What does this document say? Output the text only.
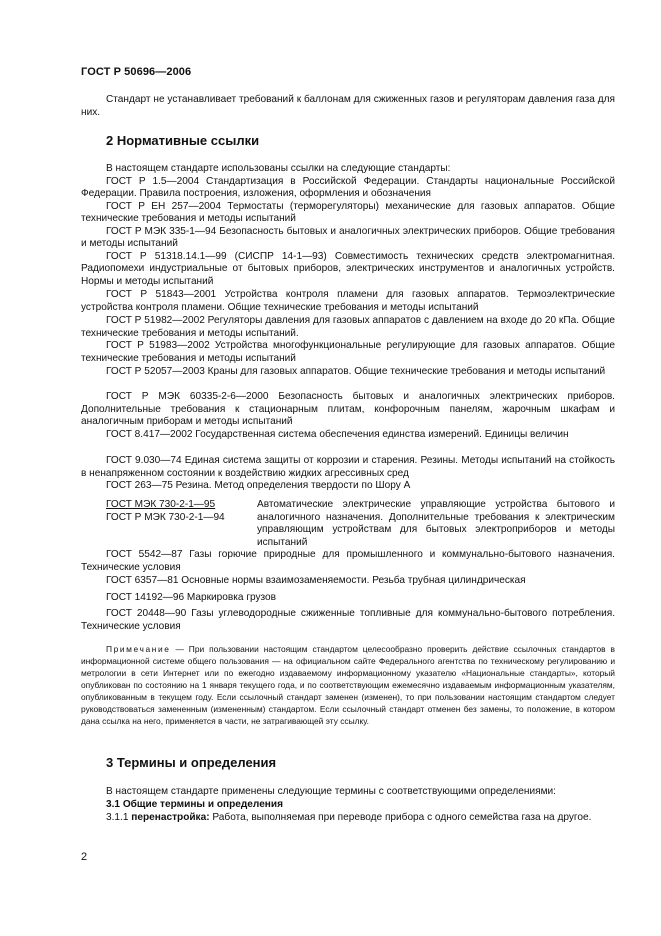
ГОСТ Р 50696—2006
Стандарт не устанавливает требований к баллонам для сжиженных газов и регуляторам давления газа для них.
2 Нормативные ссылки
В настоящем стандарте использованы ссылки на следующие стандарты:
ГОСТ Р 1.5—2004 Стандартизация в Российской Федерации. Стандарты национальные Российской Федерации. Правила построения, изложения, оформления и обозначения
ГОСТ Р ЕН 257—2004 Термостаты (терморегуляторы) механические для газовых аппаратов. Общие технические требования и методы испытаний
ГОСТ Р МЭК 335-1—94 Безопасность бытовых и аналогичных электрических приборов. Общие требования и методы испытаний
ГОСТ Р 51318.14.1—99 (СИСПР 14-1—93) Совместимость технических средств электромагнитная. Радиопомехи индустриальные от бытовых приборов, электрических инструментов и аналогичных устройств. Нормы и методы испытаний
ГОСТ Р 51843—2001 Устройства контроля пламени для газовых аппаратов. Термоэлектрические устройства контроля пламени. Общие технические требования и методы испытаний
ГОСТ Р 51982—2002 Регуляторы давления для газовых аппаратов с давлением на входе до 20 кПа. Общие технические требования и методы испытаний.
ГОСТ Р 51983—2002 Устройства многофункциональные регулирующие для газовых аппаратов. Общие технические требования и методы испытаний
ГОСТ Р 52057—2003 Краны для газовых аппаратов. Общие технические требования и методы испытаний
ГОСТ Р МЭК 60335-2-6—2000 Безопасность бытовых и аналогичных электрических приборов. Дополнительные требования к стационарным плитам, конфорочным панелям, жарочным шкафам и аналогичным приборам и методы испытаний
ГОСТ 8.417—2002 Государственная система обеспечения единства измерений. Единицы величин
ГОСТ 9.030—74 Единая система защиты от коррозии и старения. Резины. Методы испытаний на стойкость в ненапряженном состоянии к воздействию жидких агрессивных сред
ГОСТ 263—75 Резина. Метод определения твердости по Шору А
ГОСТ МЭК 730-2-1—95
ГОСТ Р МЭК 730-2-1—94
Автоматические электрические управляющие устройства бытового и аналогичного назначения. Дополнительные требования к электрическим управляющим устройствам для бытовых электроприборов и методы испытаний
ГОСТ 5542—87 Газы горючие природные для промышленного и коммунально-бытового назначения. Технические условия
ГОСТ 6357—81 Основные нормы взаимозаменяемости. Резьба трубная цилиндрическая
ГОСТ 14192—96 Маркировка грузов
ГОСТ 20448—90 Газы углеводородные сжиженные топливные для коммунально-бытового потребления. Технические условия
Примечание — При пользовании настоящим стандартом целесообразно проверить действие ссылочных стандартов в информационной системе общего пользования — на официальном сайте Федерального агентства по техническому регулированию и метрологии в сети Интернет или по ежегодно издаваемому информационному указателю «Национальные стандарты», который опубликован по состоянию на 1 января текущего года, и по соответствующим ежемесячно издаваемым информационным указателям, опубликованным в текущем году. Если ссылочный стандарт заменен (изменен), то при пользовании настоящим стандартом следует руководствоваться замененным (измененным) стандартом. Если ссылочный стандарт отменен без замены, то положение, в котором дана ссылка на него, применяется в части, не затрагивающей эту ссылку.
3 Термины и определения
В настоящем стандарте применены следующие термины с соответствующими определениями:
3.1 Общие термины и определения
3.1.1 перенастройка: Работа, выполняемая при переводе прибора с одного семейства газа на другое.
2
